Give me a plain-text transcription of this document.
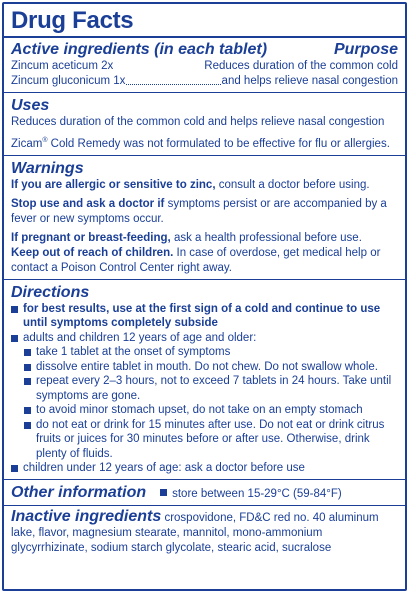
Drug Facts
Active ingredients (in each tablet)	Purpose
Zincum aceticum 2x	Reduces duration of the common cold
Zincum gluconicum 1x	and helps relieve nasal congestion
Uses
Reduces duration of the common cold and helps relieve nasal congestion
Zicam® Cold Remedy was not formulated to be effective for flu or allergies.
Warnings
If you are allergic or sensitive to zinc, consult a doctor before using.
Stop use and ask a doctor if symptoms persist or are accompanied by a fever or new symptoms occur.
If pregnant or breast-feeding, ask a health professional before use.
Keep out of reach of children. In case of overdose, get medical help or contact a Poison Control Center right away.
Directions
for best results, use at the first sign of a cold and continue to use until symptoms completely subside
adults and children 12 years of age and older:
take 1 tablet at the onset of symptoms
dissolve entire tablet in mouth. Do not chew. Do not swallow whole.
repeat every 2–3 hours, not to exceed 7 tablets in 24 hours. Take until symptoms are gone.
to avoid minor stomach upset, do not take on an empty stomach
do not eat or drink for 15 minutes after use. Do not eat or drink citrus fruits or juices for 30 minutes before or after use. Otherwise, drink plenty of fluids.
children under 12 years of age: ask a doctor before use
Other information store between 15-29°C (59-84°F)
Inactive ingredients crospovidone, FD&C red no. 40 aluminum lake, flavor, magnesium stearate, mannitol, mono-ammonium glycyrrhizinate, sodium starch glycolate, stearic acid, sucralose
